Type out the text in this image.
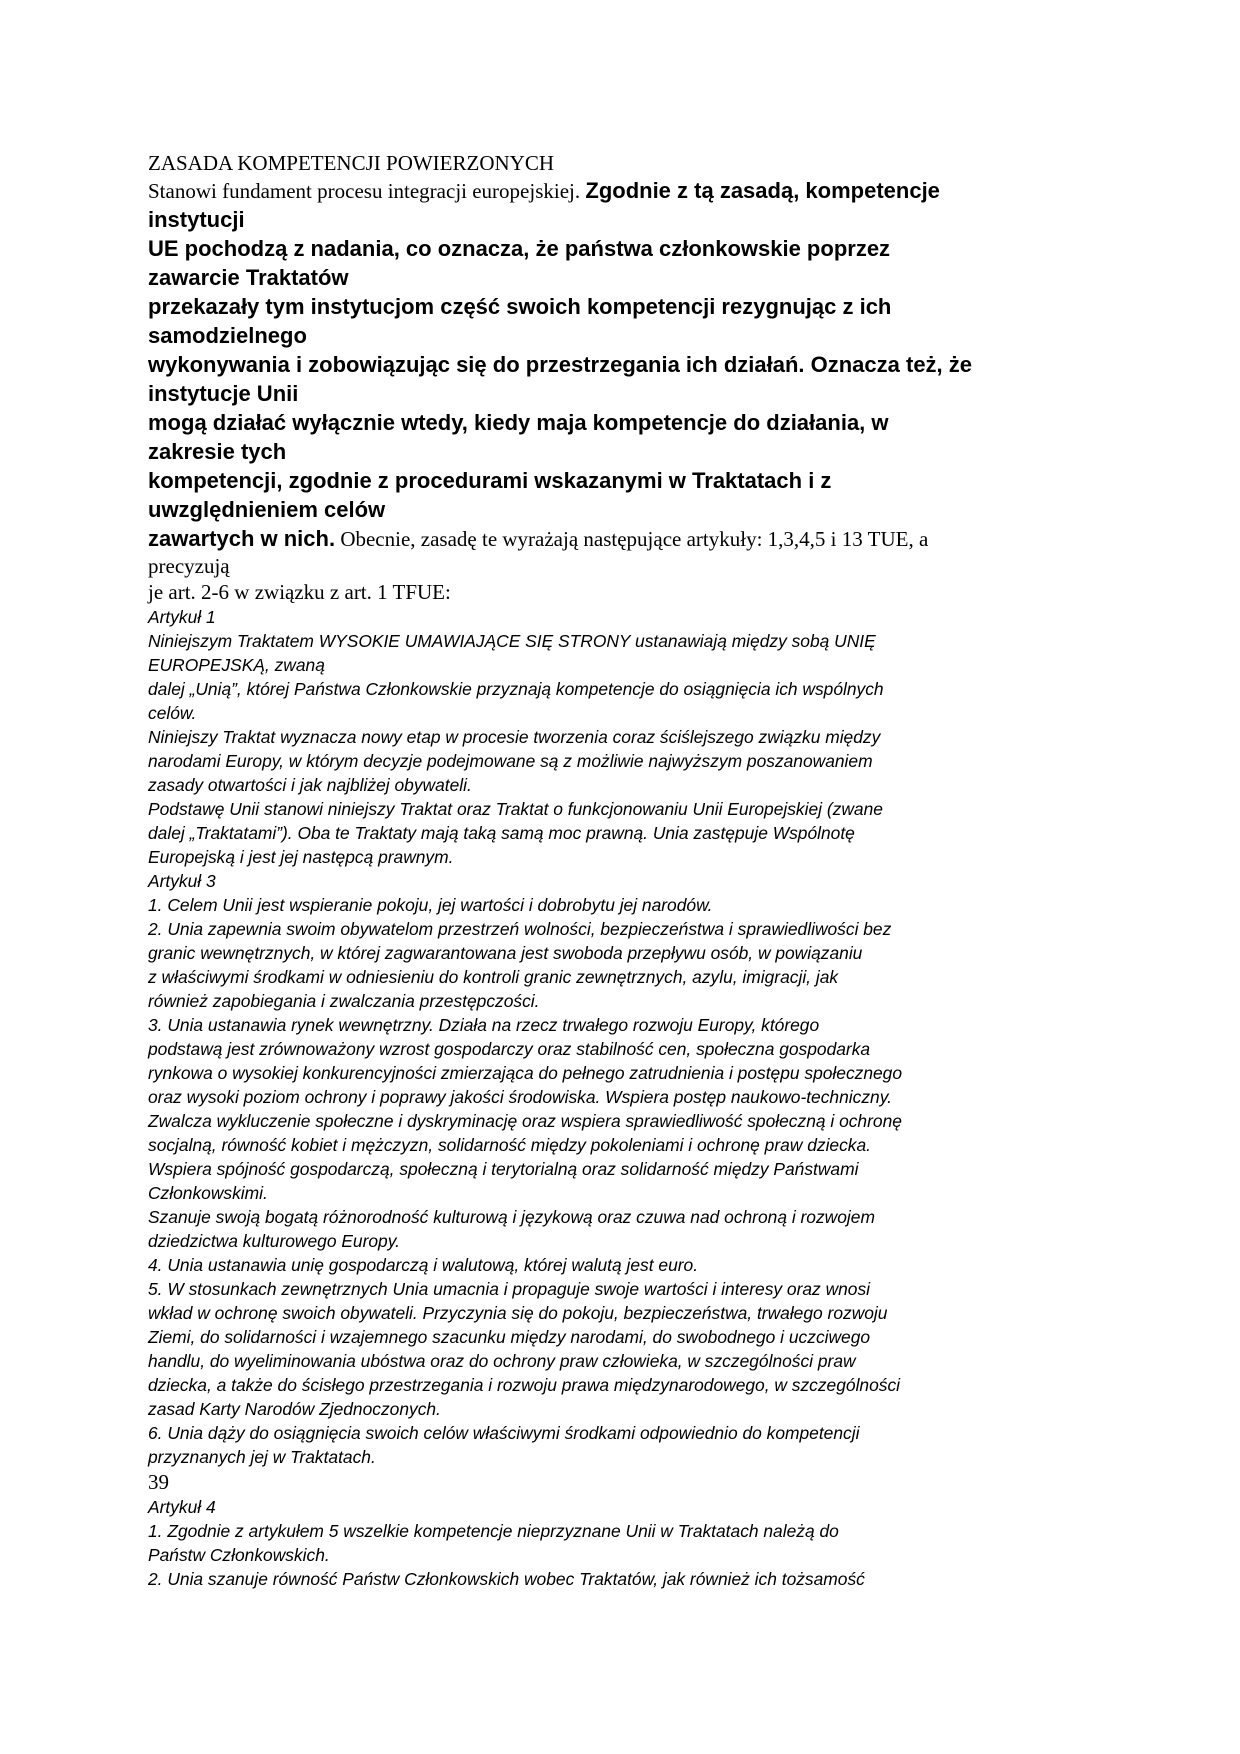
ZASADA KOMPETENCJI POWIERZONYCH
Stanowi fundament procesu integracji europejskiej. Zgodnie z tą zasadą, kompetencje
instytucji
UE pochodzą z nadania, co oznacza, że państwa członkowskie poprzez
zawarcie Traktatów
przekazały tym instytucjom część swoich kompetencji rezygnując z ich
samodzielnego
wykonywania i zobowiązując się do przestrzegania ich działań. Oznacza też, że
instytucje Unii
mogą działać wyłącznie wtedy, kiedy maja kompetencje do działania, w
zakresie tych
kompetencji, zgodnie z procedurami wskazanymi w Traktatach i z
uwzględnieniem celów
zawartych w nich. Obecnie, zasadę te wyrażają następujące artykuły: 1,3,4,5 i 13 TUE, a
precyzują
je art. 2-6 w związku z art. 1 TFUE:
Artykuł 1
Niniejszym Traktatem WYSOKIE UMAWIAJĄCE SIĘ STRONY ustanawiają między sobą UNIĘ
EUROPEJSKĄ, zwaną
dalej „Unią”, której Państwa Członkowskie przyznają kompetencje do osiągnięcia ich wspólnych
celów.
Niniejszy Traktat wyznacza nowy etap w procesie tworzenia coraz ściślejszego związku między
narodami Europy, w którym decyzje podejmowane są z możliwie najwyższym poszanowaniem
zasady otwartości i jak najbliżej obywateli.
Podstawę Unii stanowi niniejszy Traktat oraz Traktat o funkcjonowaniu Unii Europejskiej (zwane
dalej „Traktatami”). Oba te Traktaty mają taką samą moc prawną. Unia zastępuje Wspólnotę
Europejską i jest jej następcą prawnym.
Artykuł 3
1. Celem Unii jest wspieranie pokoju, jej wartości i dobrobytu jej narodów.
2. Unia zapewnia swoim obywatelom przestrzeń wolności, bezpieczeństwa i sprawiedliwości bez
granic wewnętrznych, w której zagwarantowana jest swoboda przepływu osób, w powiązaniu
z właściwymi środkami w odniesieniu do kontroli granic zewnętrznych, azylu, imigracji, jak
również zapobiegania i zwalczania przestępczości.
3. Unia ustanawia rynek wewnętrzny. Działa na rzecz trwałego rozwoju Europy, którego
podstawą jest zrównoważony wzrost gospodarczy oraz stabilność cen, społeczna gospodarka
rynkowa o wysokiej konkurencyjności zmierzająca do pełnego zatrudnienia i postępu społecznego
oraz wysoki poziom ochrony i poprawy jakości środowiska. Wspiera postęp naukowo-techniczny.
Zwalcza wykluczenie społeczne i dyskryminację oraz wspiera sprawiedliwość społeczną i ochronę
socjalną, równość kobiet i mężczyzn, solidarność między pokoleniami i ochronę praw dziecka.
Wspiera spójność gospodarczą, społeczną i terytorialną oraz solidarność między Państwami
Członkowskimi.
Szanuje swoją bogatą różnorodność kulturową i językową oraz czuwa nad ochroną i rozwojem
dziedzictwa kulturowego Europy.
4. Unia ustanawia unię gospodarczą i walutową, której walutą jest euro.
5. W stosunkach zewnętrznych Unia umacnia i propaguje swoje wartości i interesy oraz wnosi
wkład w ochronę swoich obywateli. Przyczynia się do pokoju, bezpieczeństwa, trwałego rozwoju
Ziemi, do solidarności i wzajemnego szacunku między narodami, do swobodnego i uczciwego
handlu, do wyeliminowania ubóstwa oraz do ochrony praw człowieka, w szczególności praw
dziecka, a także do ścisłego przestrzegania i rozwoju prawa międzynarodowego, w szczególności
zasad Karty Narodów Zjednoczonych.
6. Unia dąży do osiągnięcia swoich celów właściwymi środkami odpowiednio do kompetencji
przyznanych jej w Traktatach.
39
Artykuł 4
1. Zgodnie z artykułem 5 wszelkie kompetencje nieprzyznane Unii w Traktatach należą do
Państw Członkowskich.
2. Unia szanuje równość Państw Członkowskich wobec Traktatów, jak również ich tożsamość
